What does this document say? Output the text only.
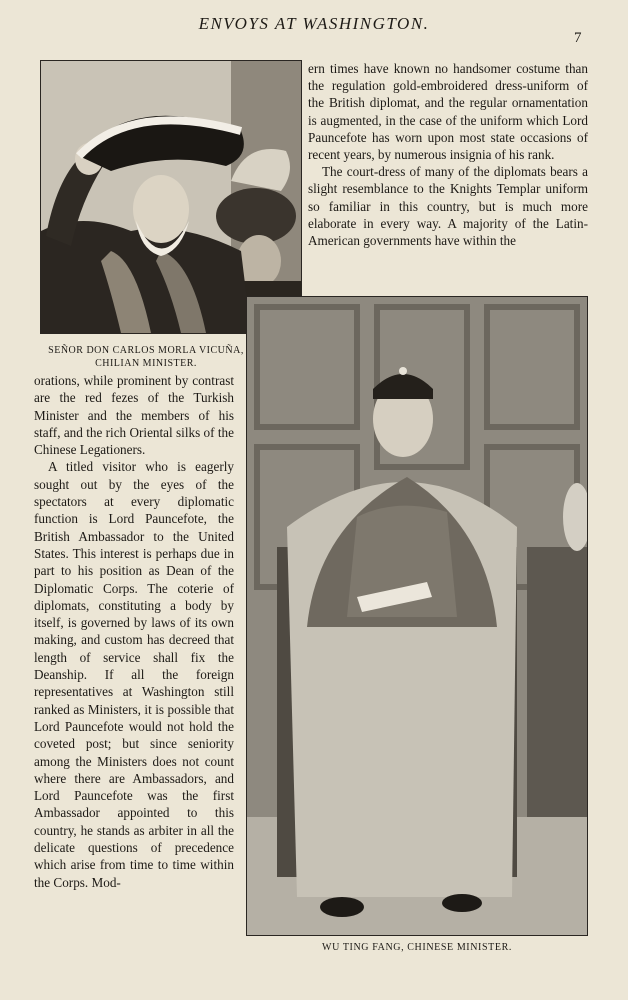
ENVOYS AT WASHINGTON.
7
SEÑOR DON CARLOS MORLA VICUÑA,
CHILIAN MINISTER.

ern times have known no handsomer costume than the regulation gold-embroidered dress-uniform of the British diplomat, and the regular ornamentation is augmented, in the case of the uniform which Lord Pauncefote has worn upon most state occasions of recent years, by numerous insignia of his rank.

The court-dress of many of the diplomats bears a slight resemblance to the Knights Templar uniform so familiar in this country, but is much more elaborate in every way. A majority of the Latin-American governments have within the

WU TING FANG, CHINESE MINISTER.

orations, while prominent by contrast are the red fezes of the Turkish Minister and the members of his staff, and the rich Oriental silks of the Chinese Legationers.

A titled visitor who is eagerly sought out by the eyes of the spectators at every diplomatic function is Lord Pauncefote, the British Ambassador to the United States. This interest is perhaps due in part to his position as Dean of the Diplomatic Corps. The coterie of diplomats, constituting a body by itself, is governed by laws of its own making, and custom has decreed that length of service shall fix the Deanship. If all the foreign representatives at Washington still ranked as Ministers, it is possible that Lord Pauncefote would not hold the coveted post; but since seniority among the Ministers does not count where there are Ambassadors, and Lord Pauncefote was the first Ambassador appointed to this country, he stands as arbiter in all the delicate questions of precedence which arise from time to time within the Corps. Mod-
